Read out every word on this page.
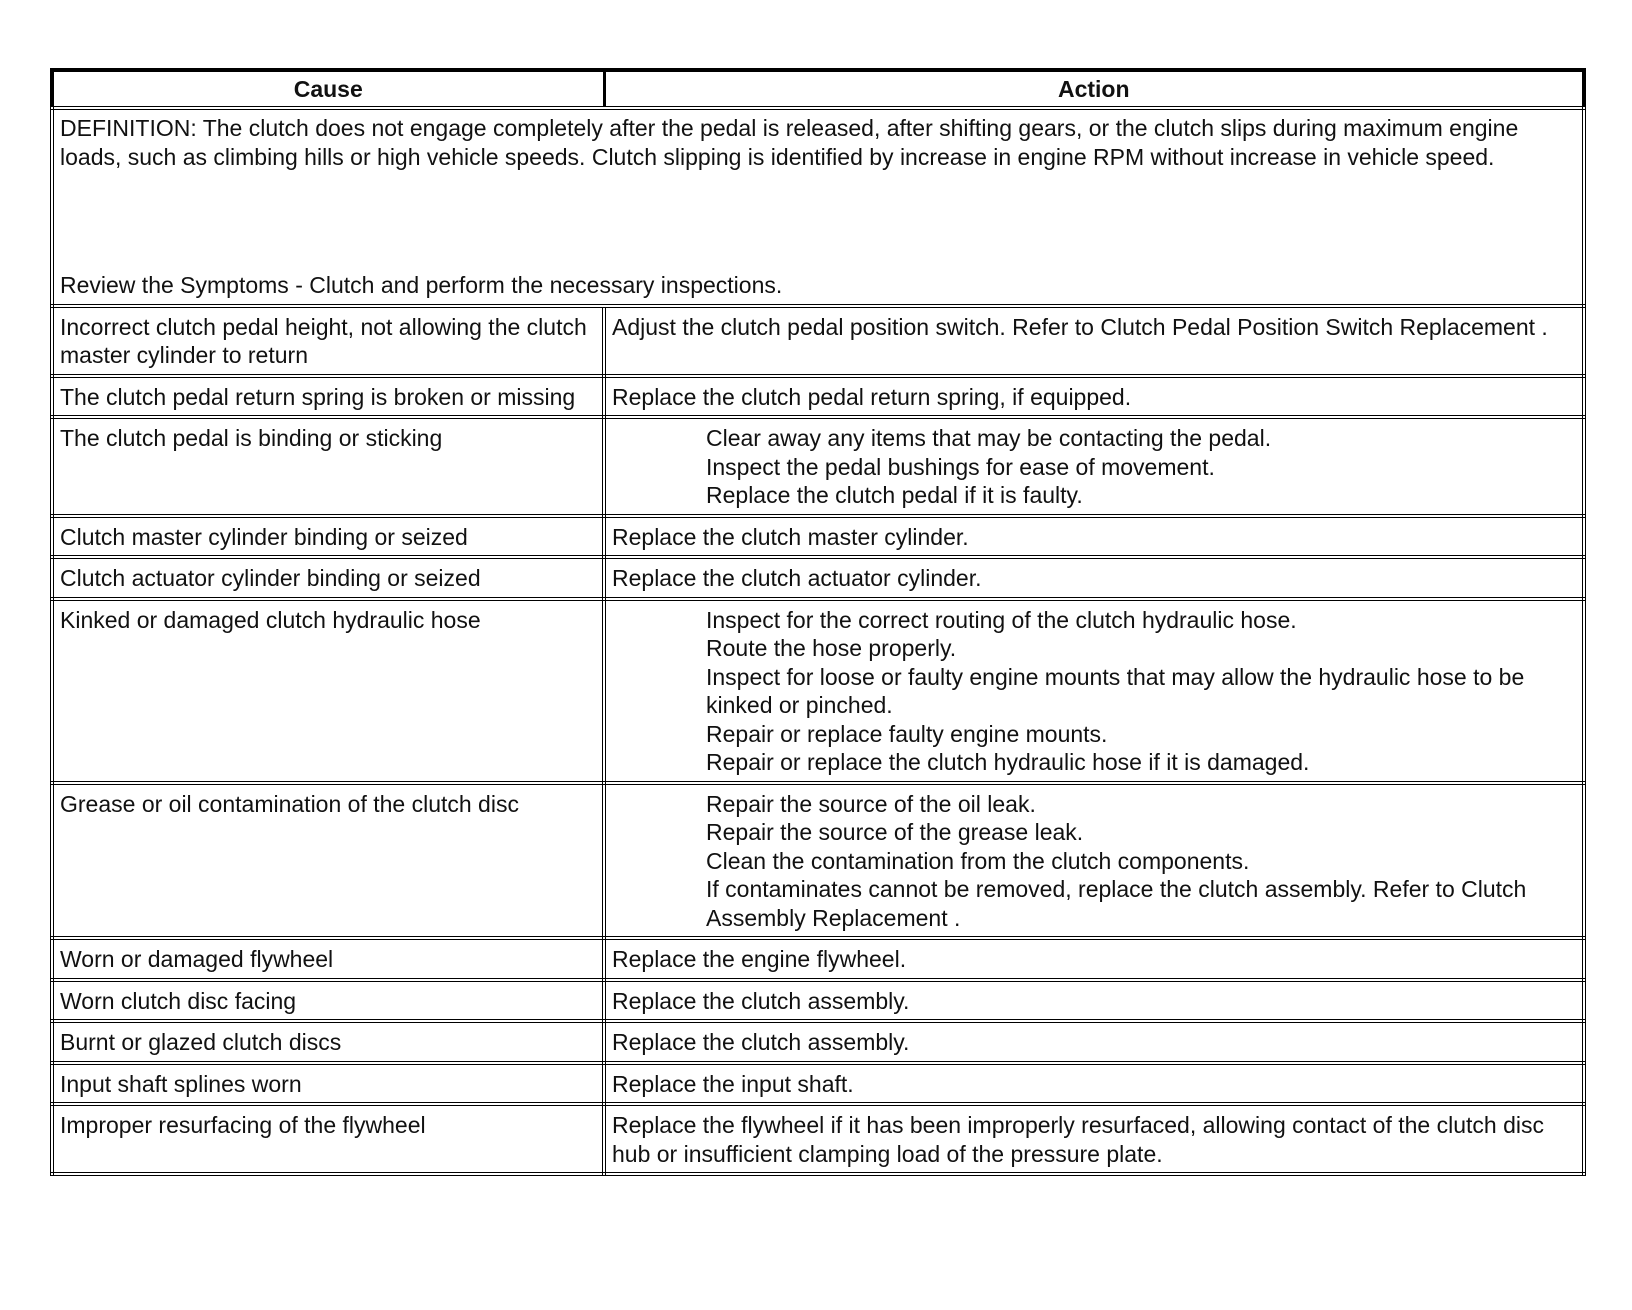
Cause	Action

DEFINITION: The clutch does not engage completely after the pedal is released, after shifting gears, or the clutch slips during maximum engine loads, such as climbing hills or high vehicle speeds. Clutch slipping is identified by increase in engine RPM without increase in vehicle speed.
Review the Symptoms - Clutch and perform the necessary inspections.	

Incorrect clutch pedal height, not allowing the clutch master cylinder to return	Adjust the clutch pedal position switch. Refer to Clutch Pedal Position Switch Replacement .
The clutch pedal return spring is broken or missing	Replace the clutch pedal return spring, if equipped.
The clutch pedal is binding or sticking	Clear away any items that may be contacting the pedal.
Inspect the pedal bushings for ease of movement.
Replace the clutch pedal if it is faulty.

Clutch master cylinder binding or seized	Replace the clutch master cylinder.
Clutch actuator cylinder binding or seized	Replace the clutch actuator cylinder.
Kinked or damaged clutch hydraulic hose	Inspect for the correct routing of the clutch hydraulic hose.
Route the hose properly.
Inspect for loose or faulty engine mounts that may allow the hydraulic hose to be kinked or pinched.
Repair or replace faulty engine mounts.
Repair or replace the clutch hydraulic hose if it is damaged.

Grease or oil contamination of the clutch disc	Repair the source of the oil leak.
Repair the source of the grease leak.
Clean the contamination from the clutch components.
If contaminates cannot be removed, replace the clutch assembly. Refer to Clutch Assembly Replacement .

Worn or damaged flywheel	Replace the engine flywheel.
Worn clutch disc facing	Replace the clutch assembly.
Burnt or glazed clutch discs	Replace the clutch assembly.
Input shaft splines worn	Replace the input shaft.
Improper resurfacing of the flywheel	Replace the flywheel if it has been improperly resurfaced, allowing contact of the clutch disc hub or insufficient clamping load of the pressure plate.
